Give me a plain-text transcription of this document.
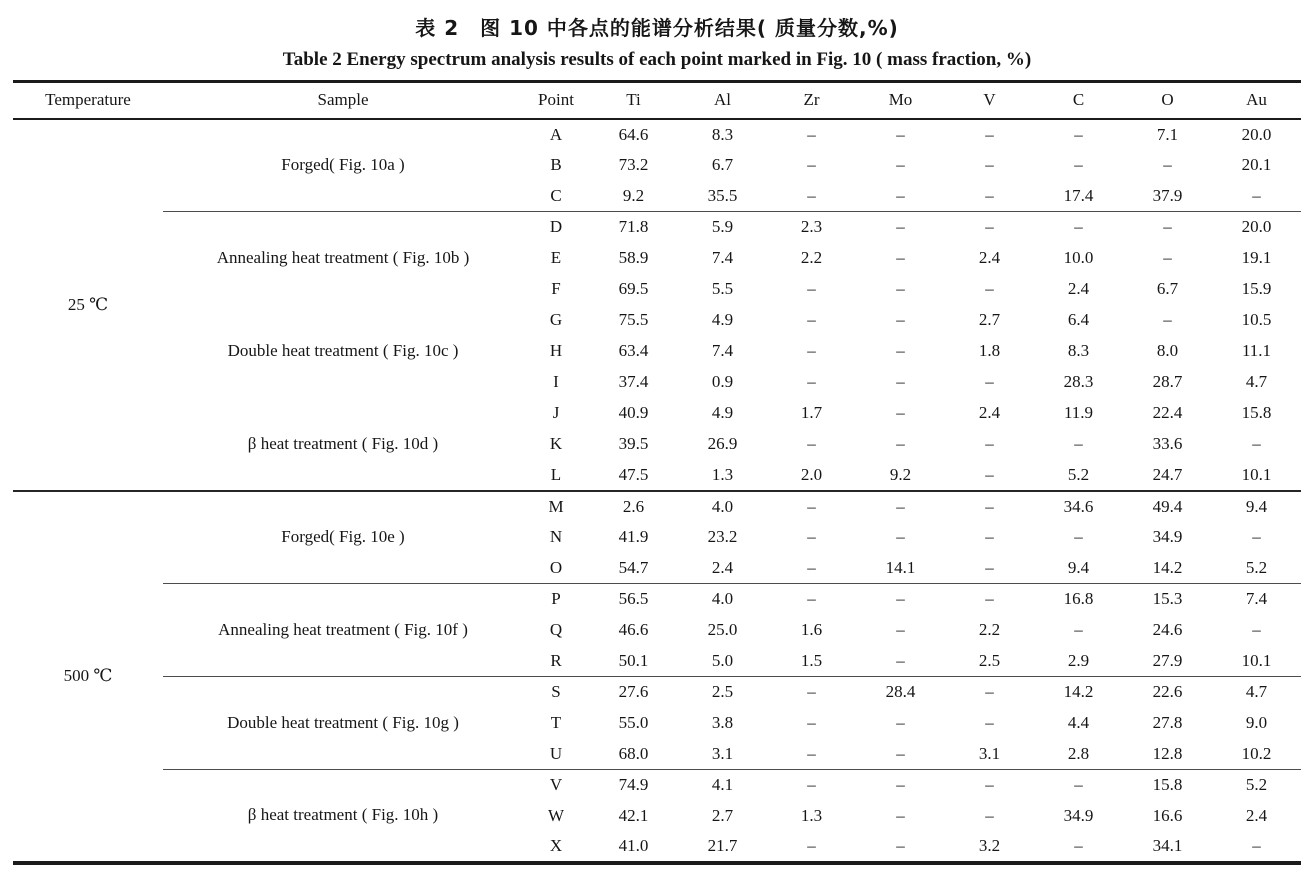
表 2　图 10 中各点的能谱分析结果( 质量分数,%)
Table 2 Energy spectrum analysis results of each point marked in Fig. 10 ( mass fraction, %)
Temperature	Sample	Point	Ti	Al	Zr	Mo	V	C	O	Au
25 ℃	Forged( Fig. 10a )	A	64.6	8.3	–	–	–	–	7.1	20.0
		B	73.2	6.7	–	–	–	–	–	20.1
		C	9.2	35.5	–	–	–	17.4	37.9	–
	Annealing heat treatment ( Fig. 10b )	D	71.8	5.9	2.3	–	–	–	–	20.0
		E	58.9	7.4	2.2	–	2.4	10.0	–	19.1
		F	69.5	5.5	–	–	–	2.4	6.7	15.9
	Double heat treatment ( Fig. 10c )	G	75.5	4.9	–	–	2.7	6.4	–	10.5
		H	63.4	7.4	–	–	1.8	8.3	8.0	11.1
		I	37.4	0.9	–	–	–	28.3	28.7	4.7
	β heat treatment ( Fig. 10d )	J	40.9	4.9	1.7	–	2.4	11.9	22.4	15.8
		K	39.5	26.9	–	–	–	–	33.6	–
		L	47.5	1.3	2.0	9.2	–	5.2	24.7	10.1
500 ℃	Forged( Fig. 10e )	M	2.6	4.0	–	–	–	34.6	49.4	9.4
		N	41.9	23.2	–	–	–	–	34.9	–
		O	54.7	2.4	–	14.1	–	9.4	14.2	5.2
	Annealing heat treatment ( Fig. 10f )	P	56.5	4.0	–	–	–	16.8	15.3	7.4
		Q	46.6	25.0	1.6	–	2.2	–	24.6	–
		R	50.1	5.0	1.5	–	2.5	2.9	27.9	10.1
	Double heat treatment ( Fig. 10g )	S	27.6	2.5	–	28.4	–	14.2	22.6	4.7
		T	55.0	3.8	–	–	–	4.4	27.8	9.0
		U	68.0	3.1	–	–	3.1	2.8	12.8	10.2
	β heat treatment ( Fig. 10h )	V	74.9	4.1	–	–	–	–	15.8	5.2
		W	42.1	2.7	1.3	–	–	34.9	16.6	2.4
		X	41.0	21.7	–	–	3.2	–	34.1	–
